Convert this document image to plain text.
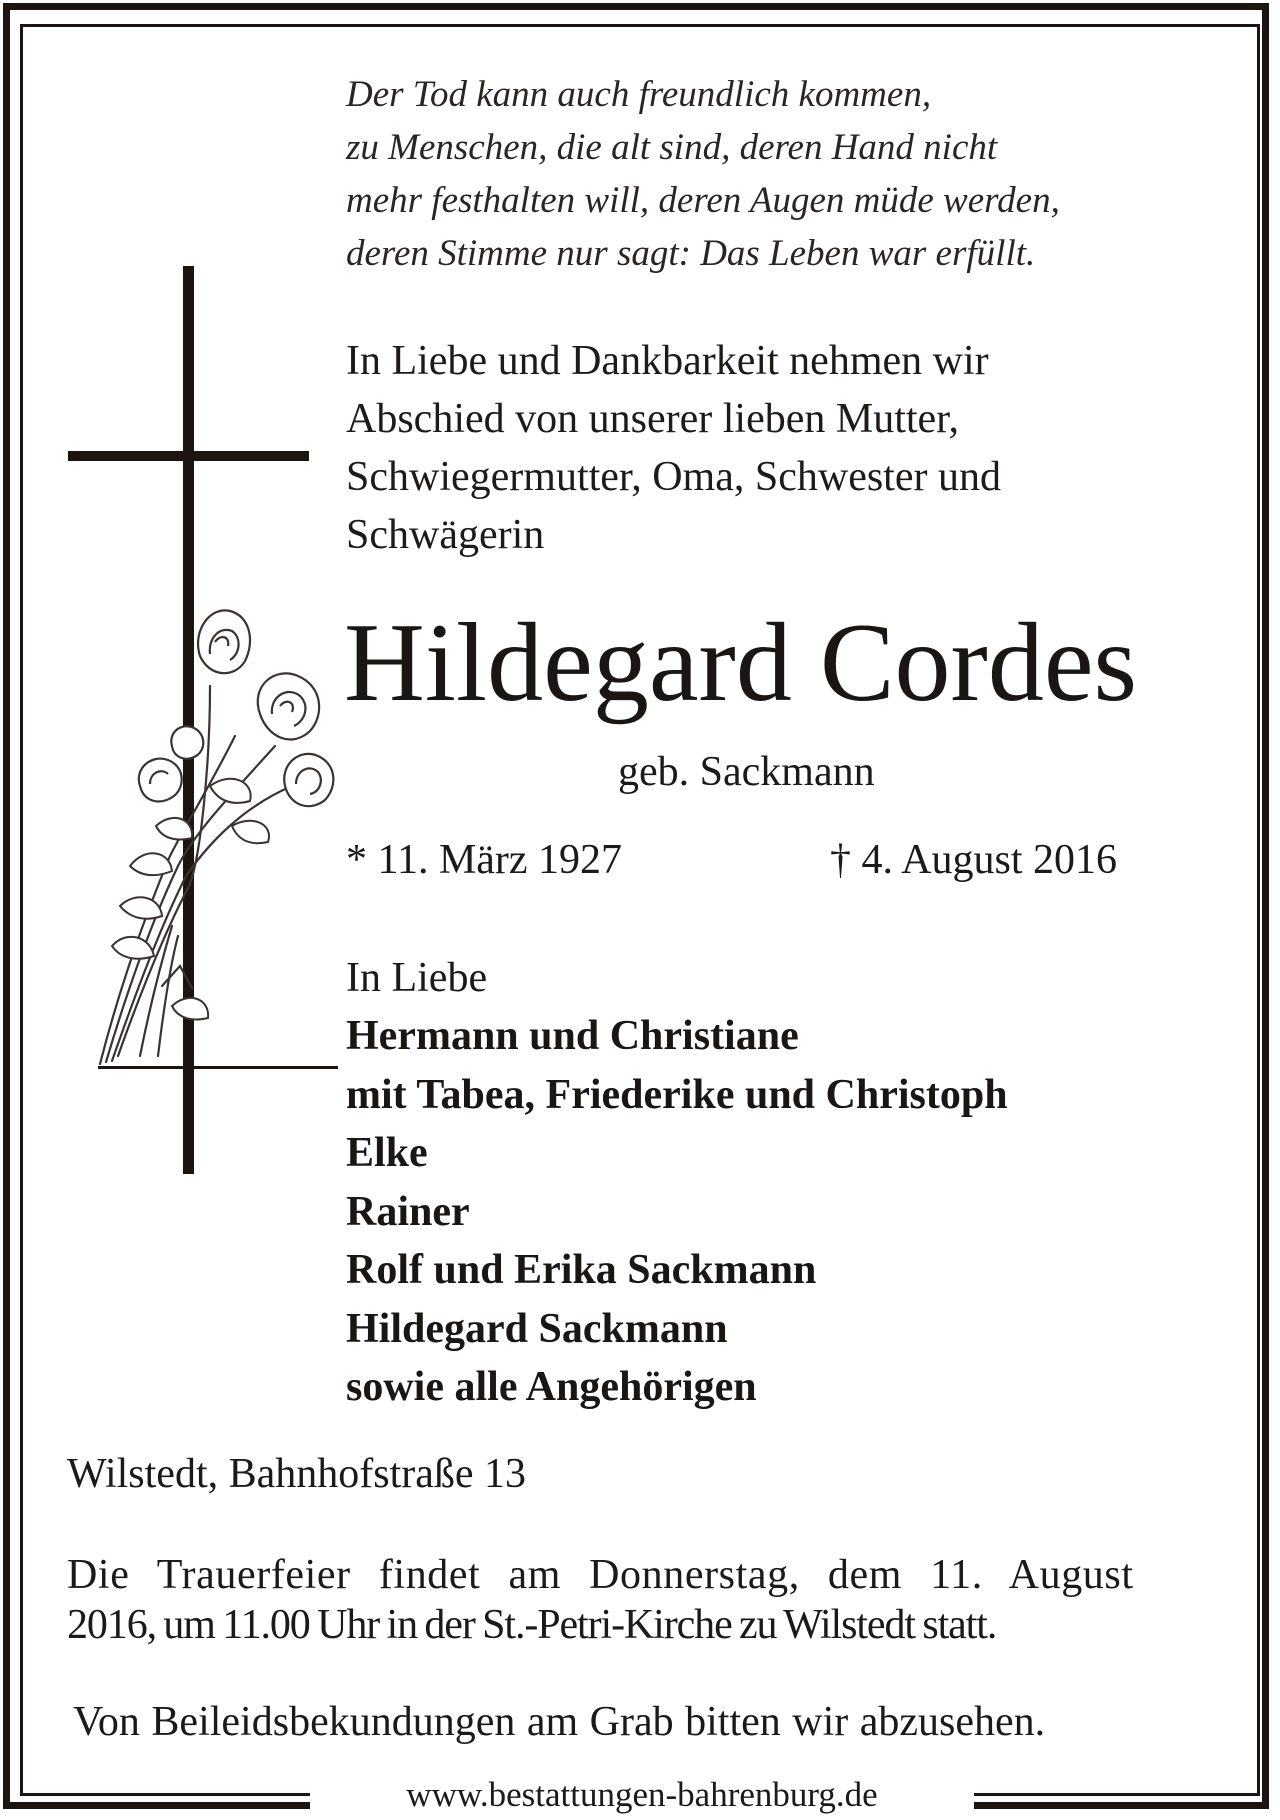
Der Tod kann auch freundlich kommen,
zu Menschen, die alt sind, deren Hand nicht
mehr festhalten will, deren Augen müde werden,
deren Stimme nur sagt: Das Leben war erfüllt.
In Liebe und Dankbarkeit nehmen wir
Abschied von unserer lieben Mutter,
Schwiegermutter, Oma, Schwester und
Schwägerin
Hildegard Cordes
geb. Sackmann
* 11. März 1927	† 4. August 2016
In Liebe
Hermann und Christiane
mit Tabea, Friederike und Christoph
Elke
Rainer
Rolf und Erika Sackmann
Hildegard Sackmann
sowie alle Angehörigen
Wilstedt, Bahnhofstraße 13
Die Trauerfeier findet am Donnerstag, dem 11. August
2016, um 11.00 Uhr in der St.-Petri-Kirche zu Wilstedt statt.
Von Beileidsbekundungen am Grab bitten wir abzusehen.
www.bestattungen-bahrenburg.de
